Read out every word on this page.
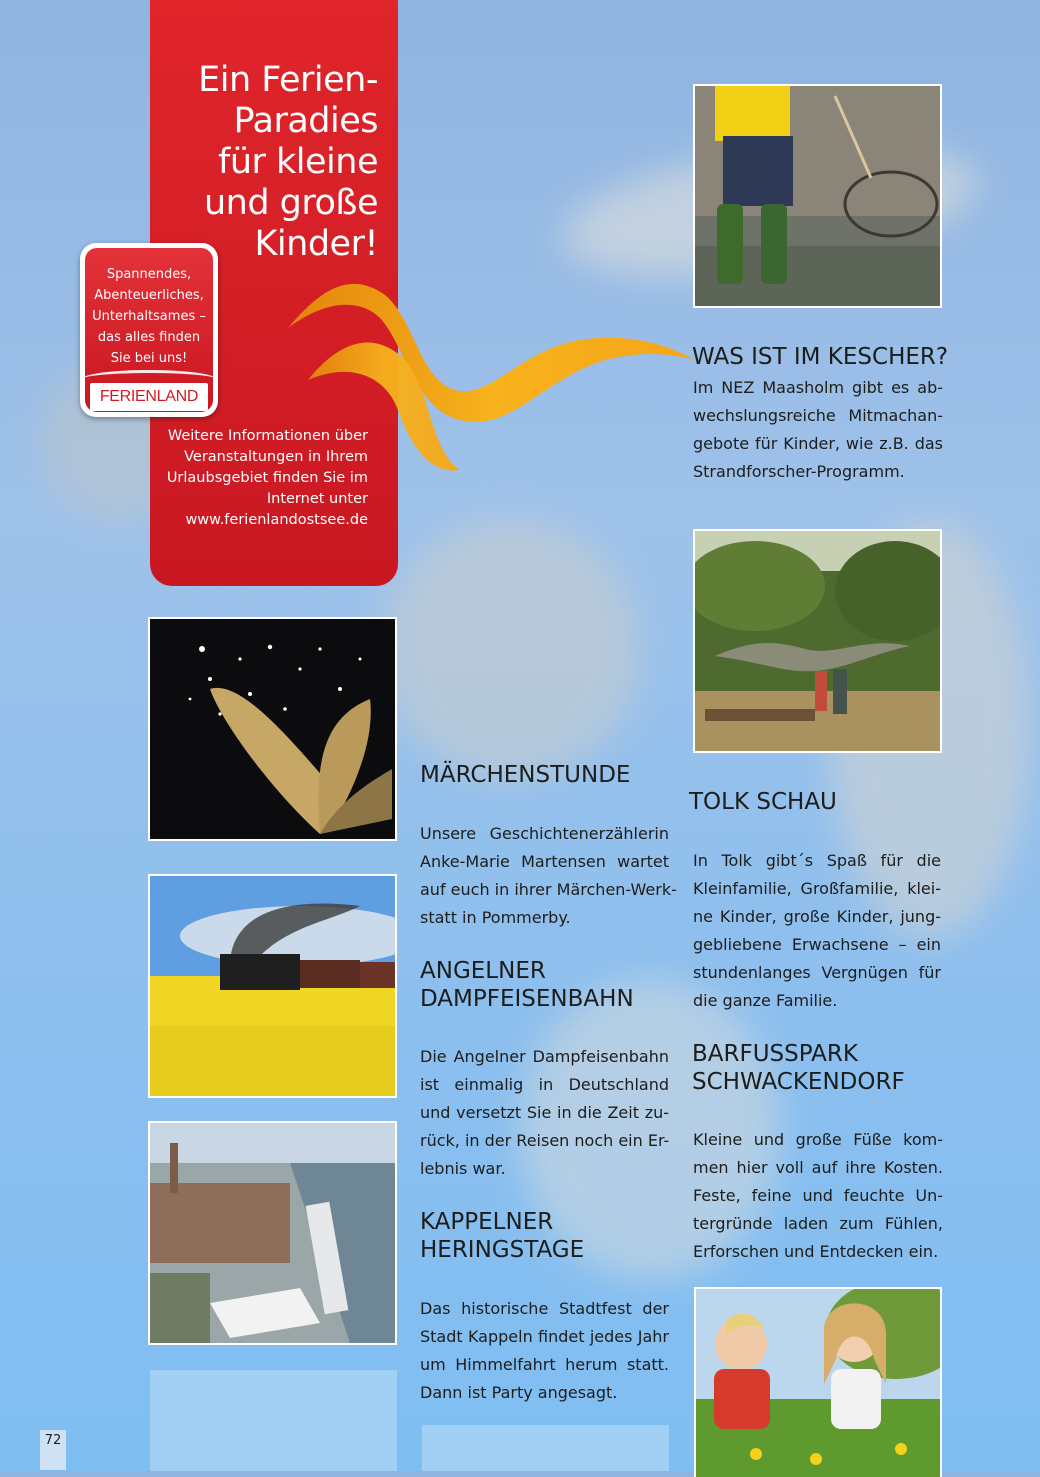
Ein Ferien-
Paradies
für kleine
und große
Kinder!
Weitere Informationen über
Veranstaltungen in Ihrem
Urlaubsgebiet finden Sie im
Internet unter
www.ferienlandostsee.de
Spannendes,
Abenteuerliches,
Unterhaltsames –
das alles finden
Sie bei uns!
FERIENLAND
WAS IST IM KESCHER?
Im NEZ Maasholm gibt es ab-
wechslungsreiche Mitmachan-
gebote für Kinder, wie z.B. das
Strandforscher-Programm.
TOLK SCHAU
In Tolk gibt´s Spaß für die
Kleinfamilie, Großfamilie, klei-
ne Kinder, große Kinder, jung-
gebliebene Erwachsene – ein
stundenlanges Vergnügen für
die ganze Familie.
BARFUSSPARK
SCHWACKENDORF
Kleine und große Füße kom-
men hier voll auf ihre Kosten.
Feste, feine und feuchte Un-
tergründe laden zum Fühlen,
Erforschen und Entdecken ein.
MÄRCHENSTUNDE
Unsere Geschichtenerzählerin
Anke-Marie Martensen wartet
auf euch in ihrer Märchen-Werk-
statt in Pommerby.
ANGELNER
DAMPFEISENBAHN
Die Angelner Dampfeisenbahn
ist einmalig in Deutschland
und versetzt Sie in die Zeit zu-
rück, in der Reisen noch ein Er-
lebnis war.
KAPPELNER
HERINGSTAGE
Das historische Stadtfest der
Stadt Kappeln findet jedes Jahr
um Himmelfahrt herum statt.
Dann ist Party angesagt.
72
